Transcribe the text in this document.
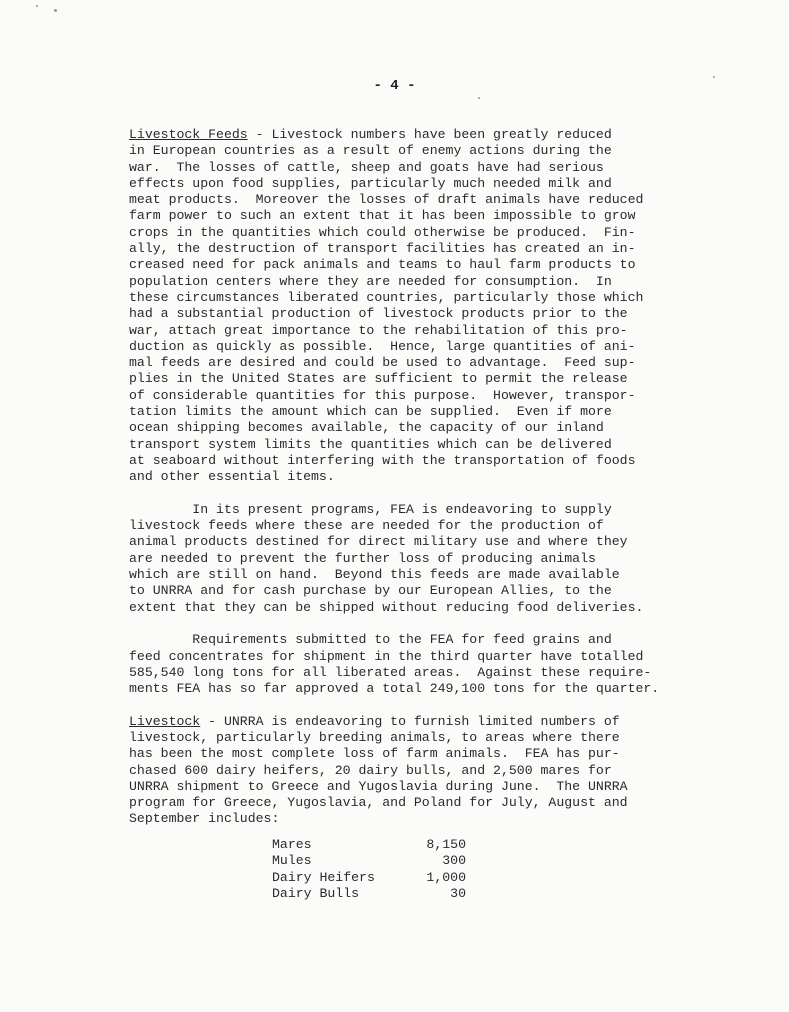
- 4 -
Livestock Feeds - Livestock numbers have been greatly reduced
in European countries as a result of enemy actions during the
war.  The losses of cattle, sheep and goats have had serious
effects upon food supplies, particularly much needed milk and
meat products.  Moreover the losses of draft animals have reduced
farm power to such an extent that it has been impossible to grow
crops in the quantities which could otherwise be produced.  Fin-
ally, the destruction of transport facilities has created an in-
creased need for pack animals and teams to haul farm products to
population centers where they are needed for consumption.  In
these circumstances liberated countries, particularly those which
had a substantial production of livestock products prior to the
war, attach great importance to the rehabilitation of this pro-
duction as quickly as possible.  Hence, large quantities of ani-
mal feeds are desired and could be used to advantage.  Feed sup-
plies in the United States are sufficient to permit the release
of considerable quantities for this purpose.  However, transpor-
tation limits the amount which can be supplied.  Even if more
ocean shipping becomes available, the capacity of our inland
transport system limits the quantities which can be delivered
at seaboard without interfering with the transportation of foods
and other essential items.
In its present programs, FEA is endeavoring to supply
livestock feeds where these are needed for the production of
animal products destined for direct military use and where they
are needed to prevent the further loss of producing animals
which are still on hand.  Beyond this feeds are made available
to UNRRA and for cash purchase by our European Allies, to the
extent that they can be shipped without reducing food deliveries.
Requirements submitted to the FEA for feed grains and
feed concentrates for shipment in the third quarter have totalled
585,540 long tons for all liberated areas.  Against these require-
ments FEA has so far approved a total 249,100 tons for the quarter.
Livestock - UNRRA is endeavoring to furnish limited numbers of
livestock, particularly breeding animals, to areas where there
has been the most complete loss of farm animals.  FEA has pur-
chased 600 dairy heifers, 20 dairy bulls, and 2,500 mares for
UNRRA shipment to Greece and Yugoslavia during June.  The UNRRA
program for Greece, Yugoslavia, and Poland for July, August and
September includes:
Mares	8,150
Mules	300
Dairy Heifers	1,000
Dairy Bulls	30
